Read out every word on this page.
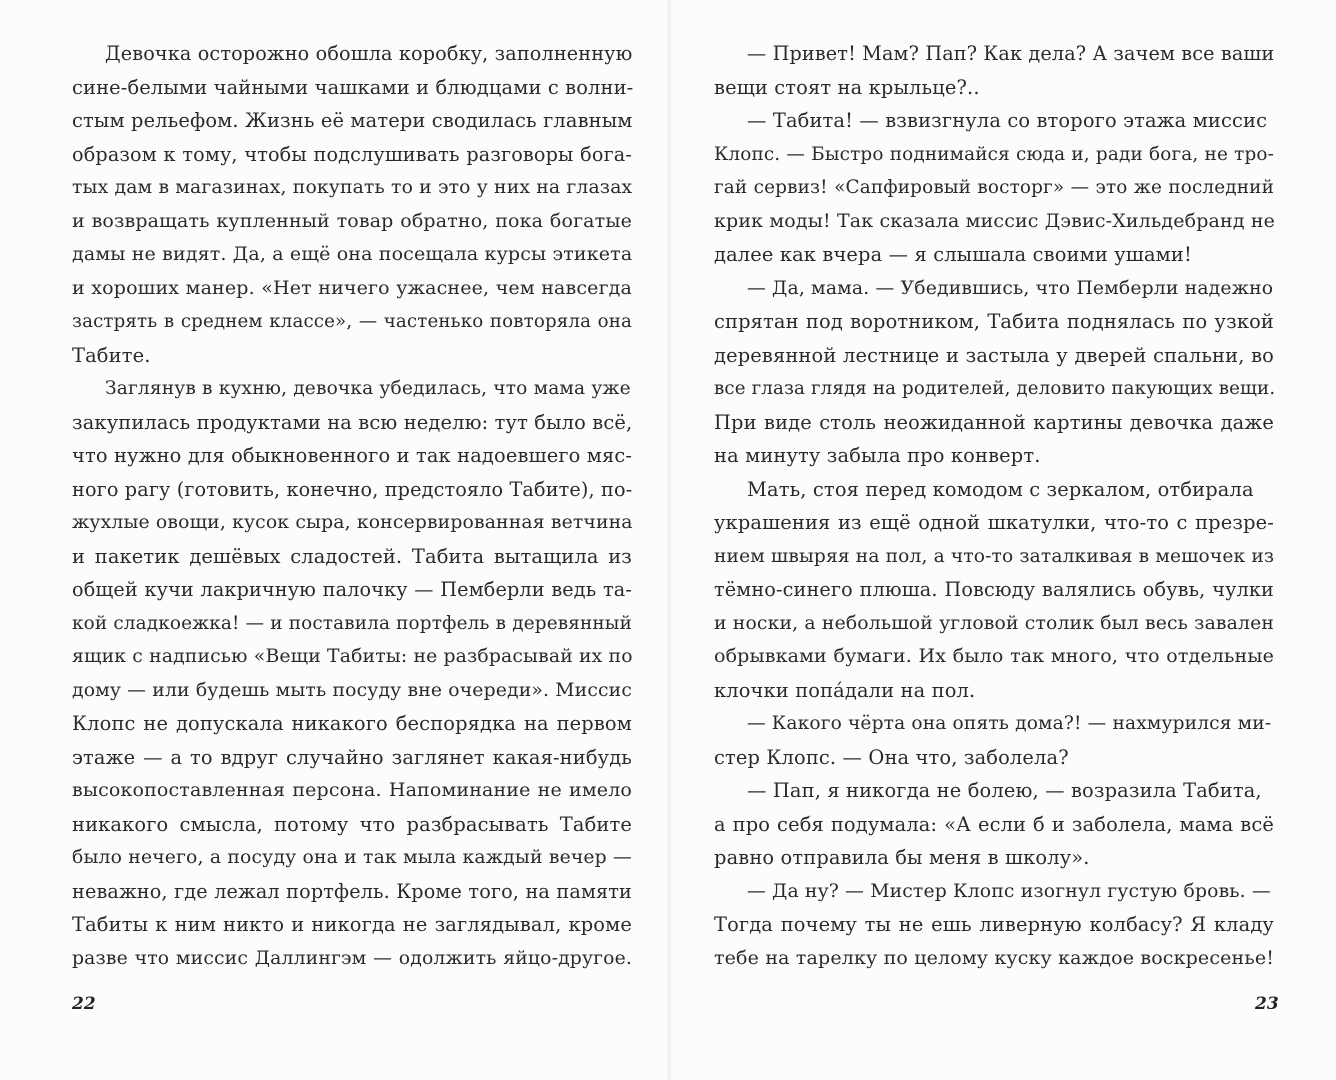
Девочка осторожно обошла коробку, заполненную

сине-белыми чайными чашками и блюдцами с волни-

стым рельефом. Жизнь её матери сводилась главным

образом к тому, чтобы подслушивать разговоры бога-

тых дам в магазинах, покупать то и это у них на глазах

и возвращать купленный товар обратно, пока богатые

дамы не видят. Да, а ещё она посещала курсы этикета

и хороших манер. «Нет ничего ужаснее, чем навсегда

застрять в среднем классе», — частенько повторяла она

Табите.

Заглянув в кухню, девочка убедилась, что мама уже

закупилась продуктами на всю неделю: тут было всё,

что нужно для обыкновенного и так надоевшего мяс-

ного рагу (готовить, конечно, предстояло Табите), по-

жухлые овощи, кусок сыра, консервированная ветчина

и пакетик дешёвых сладостей. Табита вытащила из

общей кучи лакричную палочку — Пемберли ведь та-

кой сладкоежка! — и поставила портфель в деревянный

ящик с надписью «Вещи Табиты: не разбрасывай их по

дому — или будешь мыть посуду вне очереди». Миссис

Клопс не допускала никакого беспорядка на первом

этаже — а то вдруг случайно заглянет какая-нибудь

высокопоставленная персона. Напоминание не имело

никакого смысла, потому что разбрасывать Табите

было нечего, а посуду она и так мыла каждый вечер —

неважно, где лежал портфель. Кроме того, на памяти

Табиты к ним никто и никогда не заглядывал, кроме

разве что миссис Даллингэм — одолжить яйцо-другое.

— Привет! Мам? Пап? Как дела? А зачем все ваши

вещи стоят на крыльце?..

— Табита! — взвизгнула со второго этажа миссис

Клопс. — Быстро поднимайся сюда и, ради бога, не тро-

гай сервиз! «Сапфировый восторг» — это же последний

крик моды! Так сказала миссис Дэвис-Хильдебранд не

далее как вчера — я слышала своими ушами!

— Да, мама. — Убедившись, что Пемберли надежно

спрятан под воротником, Табита поднялась по узкой

деревянной лестнице и застыла у дверей спальни, во

все глаза глядя на родителей, деловито пакующих вещи.

При виде столь неожиданной картины девочка даже

на минуту забыла про конверт.

Мать, стоя перед комодом с зеркалом, отбирала

украшения из ещё одной шкатулки, что-то с презре-

нием швыряя на пол, а что-то заталкивая в мешочек из

тёмно-синего плюша. Повсюду валялись обувь, чулки

и носки, а небольшой угловой столик был весь завален

обрывками бумаги. Их было так много, что отдельные

клочки попа́дали на пол.

— Какого чёрта она опять дома?! — нахмурился ми-

стер Клопс. — Она что, заболела?

— Пап, я никогда не болею, — возразила Табита,

а про себя подумала: «А если б и заболела, мама всё

равно отправила бы меня в школу».

— Да ну? — Мистер Клопс изогнул густую бровь. —

Тогда почему ты не ешь ливерную колбасу? Я кладу

тебе на тарелку по целому куску каждое воскресенье!

22	23
